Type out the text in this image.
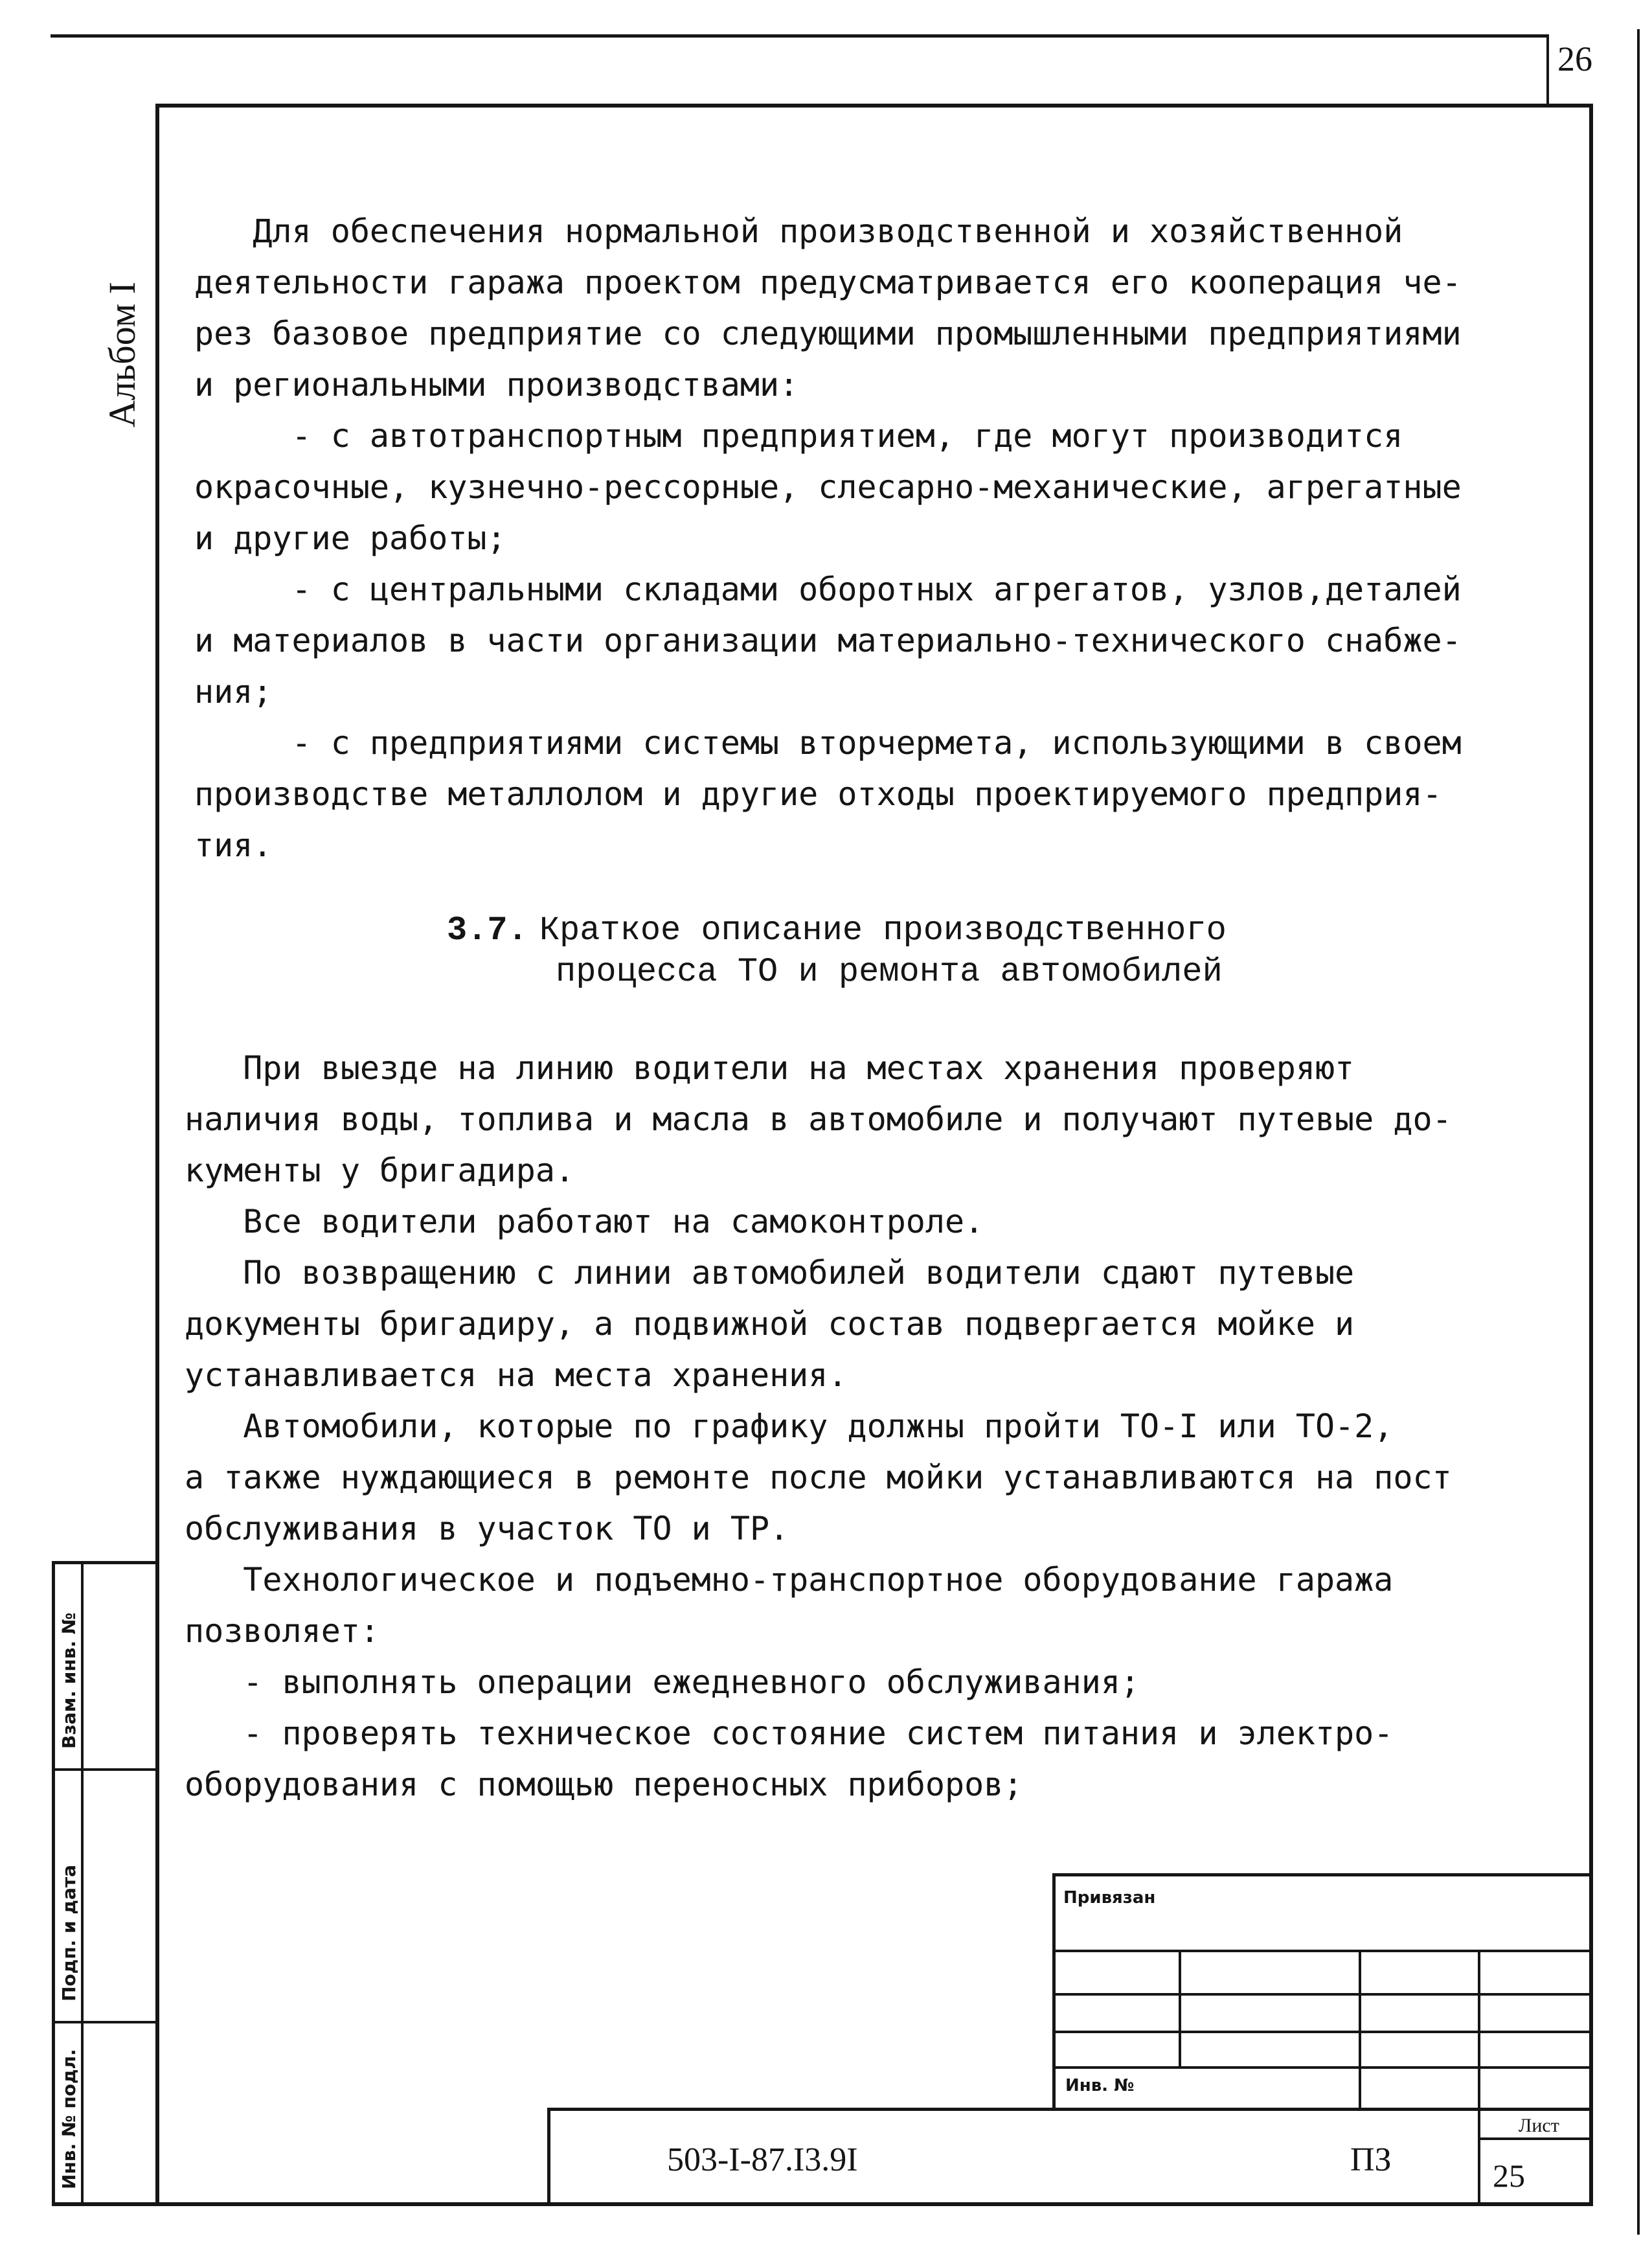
26
Альбом I
Для обеспечения нормальной производственной и хозяйственной
деятельности гаража проектом предусматривается его кооперация че-
рез базовое предприятие со следующими промышленными предприятиями
и региональными производствами:
- с автотранспортным предприятием, где могут производится
окрасочные, кузнечно-рессорные, слесарно-механические, агрегатные
и другие работы;
- с центральными складами оборотных агрегатов, узлов,деталей
и материалов в части организации материально-технического снабже-
ния;
- с предприятиями системы вторчермета, использующими в своем
производстве металлолом и другие отходы проектируемого предприя-
тия.
3.7. Краткое описание производственного
процесса ТО и ремонта автомобилей
При выезде на линию водители на местах хранения проверяют
наличия воды, топлива и масла в автомобиле и получают путевые до-
кументы у бригадира.
Все водители работают на самоконтроле.
По возвращению с линии автомобилей водители сдают путевые
документы бригадиру, а подвижной состав подвергается мойке и
устанавливается на места хранения.
Автомобили, которые по графику должны пройти ТО-I или ТО-2,
а также нуждающиеся в ремонте после мойки устанавливаются на пост
обслуживания в участок ТО и ТР.
Технологическое и подъемно-транспортное оборудование гаража
позволяет:
- выполнять операции ежедневного обслуживания;
- проверять техническое состояние систем питания и электро-
оборудования с помощью переносных приборов;
Взам. инв. №
Подп. и дата
Инв. № подл.
Привязан
Инв. №
503-I-87.I3.9I	ПЗ
Лист
25
